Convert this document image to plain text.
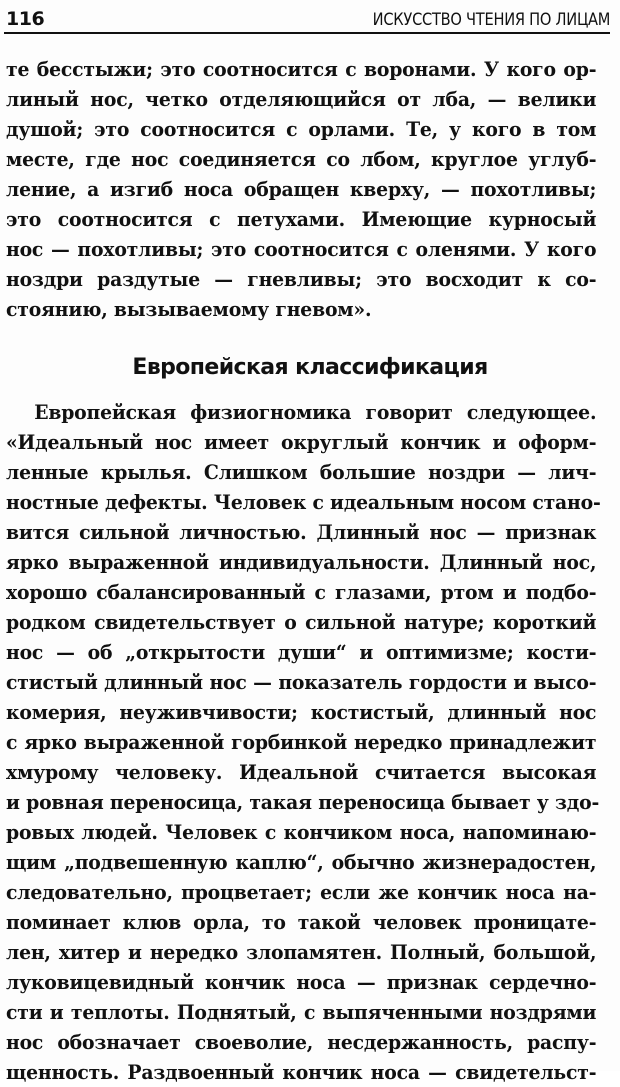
116	ИСКУССТВО ЧТЕНИЯ ПО ЛИЦАМ
те бесстыжи; это соотносится с воронами. У кого ор-
линый нос, четко отделяющийся от лба, — велики
душой; это соотносится с орлами. Те, у кого в том
месте, где нос соединяется со лбом, круглое углуб-
ление, а изгиб носа обращен кверху, — похотливы;
это соотносится с петухами. Имеющие курносый
нос — похотливы; это соотносится с оленями. У кого
ноздри раздутые — гневливы; это восходит к со-
стоянию, вызываемому гневом».
Европейская классификация
Европейская физиогномика говорит следующее.
«Идеальный нос имеет округлый кончик и оформ-
ленные крылья. Слишком большие ноздри — лич-
ностные дефекты. Человек с идеальным носом стано-
вится сильной личностью. Длинный нос — признак
ярко выраженной индивидуальности. Длинный нос,
хорошо сбалансированный с глазами, ртом и подбо-
родком свидетельствует о сильной натуре; короткий
нос — об „открытости души“ и оптимизме; кости-
стистый длинный нос — показатель гордости и высо-
комерия, неуживчивости; костистый, длинный нос
с ярко выраженной горбинкой нередко принадлежит
хмурому человеку. Идеальной считается высокая
и ровная переносица, такая переносица бывает у здо-
ровых людей. Человек с кончиком носа, напоминаю-
щим „подвешенную каплю“, обычно жизнерадостен,
следовательно, процветает; если же кончик носа на-
поминает клюв орла, то такой человек проницате-
лен, хитер и нередко злопамятен. Полный, большой,
луковицевидный кончик носа — признак сердечно-
сти и теплоты. Поднятый, с выпяченными ноздрями
нос обозначает своеволие, несдержанность, распу-
щенность. Раздвоенный кончик носа — свидетельст-
